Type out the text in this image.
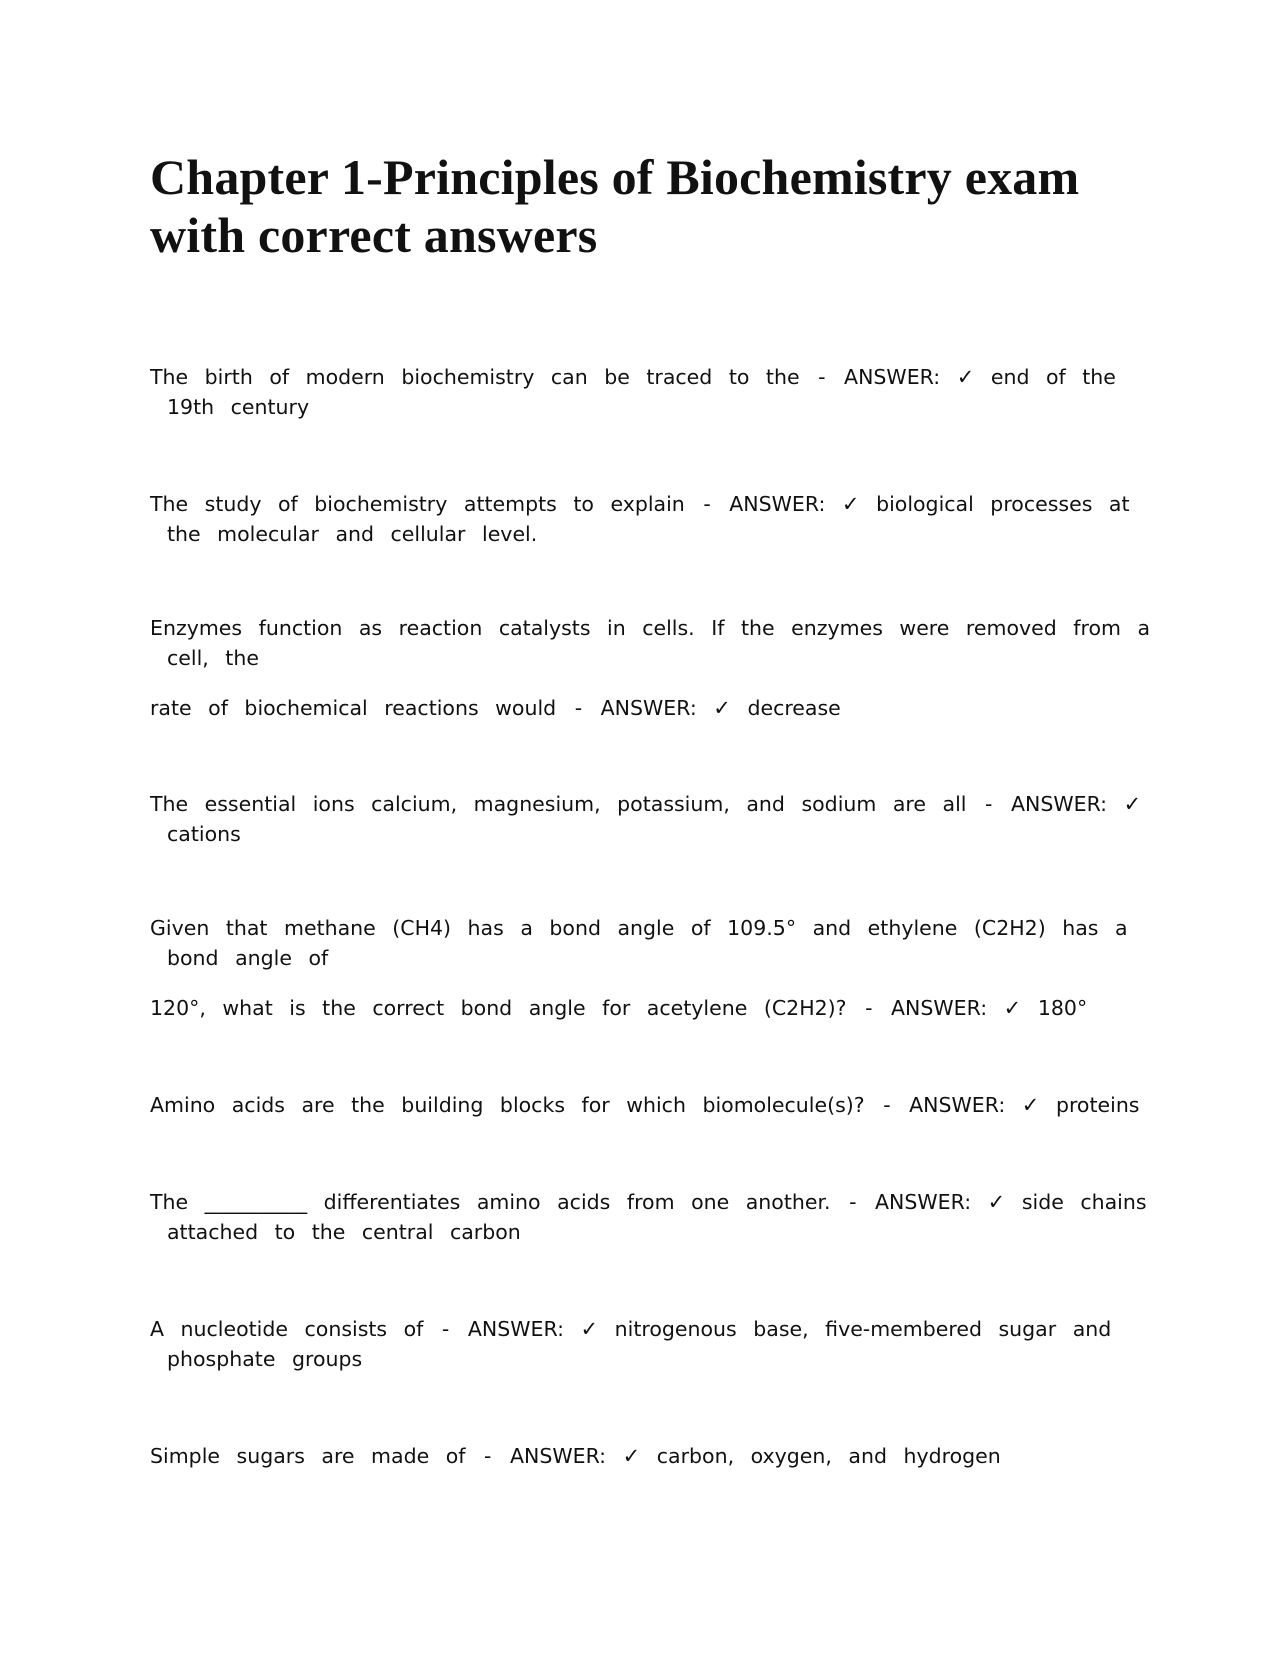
Chapter 1-Principles of Biochemistry exam
with correct answers

The birth of modern biochemistry can be traced to the - ANSWER: ✓ end of the
19th century

The study of biochemistry attempts to explain - ANSWER: ✓ biological processes at
the molecular and cellular level.

Enzymes function as reaction catalysts in cells. If the enzymes were removed from a
cell, the

rate of biochemical reactions would - ANSWER: ✓ decrease

The essential ions calcium, magnesium, potassium, and sodium are all - ANSWER: ✓
cations

Given that methane (CH4) has a bond angle of 109.5° and ethylene (C2H2) has a
bond angle of

120°, what is the correct bond angle for acetylene (C2H2)? - ANSWER: ✓ 180°

Amino acids are the building blocks for which biomolecule(s)? - ANSWER: ✓ proteins

The __________ differentiates amino acids from one another. - ANSWER: ✓ side chains
attached to the central carbon

A nucleotide consists of - ANSWER: ✓ nitrogenous base, five-membered sugar and
phosphate groups

Simple sugars are made of - ANSWER: ✓ carbon, oxygen, and hydrogen
